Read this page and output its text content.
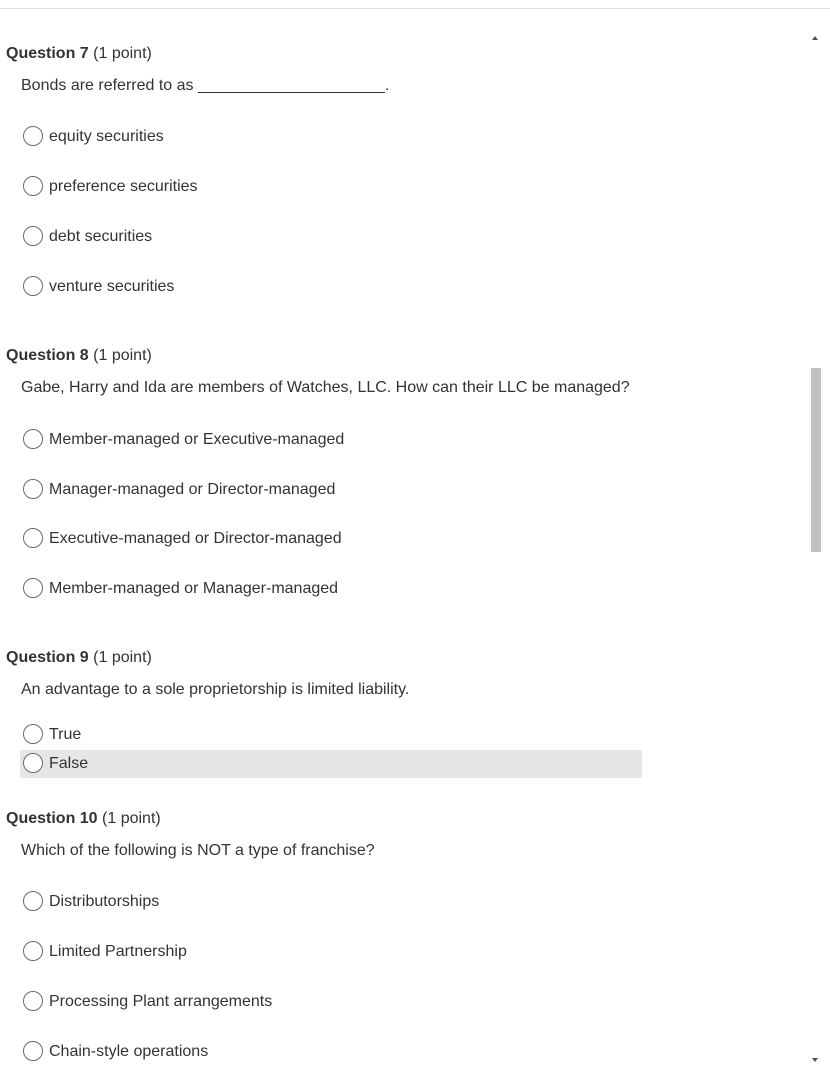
Question 7 (1 point)
Bonds are referred to as _____________________.
equity securities
preference securities
debt securities
venture securities
Question 8 (1 point)
Gabe, Harry and Ida are members of Watches, LLC. How can their LLC be managed?
Member-managed or Executive-managed
Manager-managed or Director-managed
Executive-managed or Director-managed
Member-managed or Manager-managed
Question 9 (1 point)
An advantage to a sole proprietorship is limited liability.
True
False
Question 10 (1 point)
Which of the following is NOT a type of franchise?
Distributorships
Limited Partnership
Processing Plant arrangements
Chain-style operations
